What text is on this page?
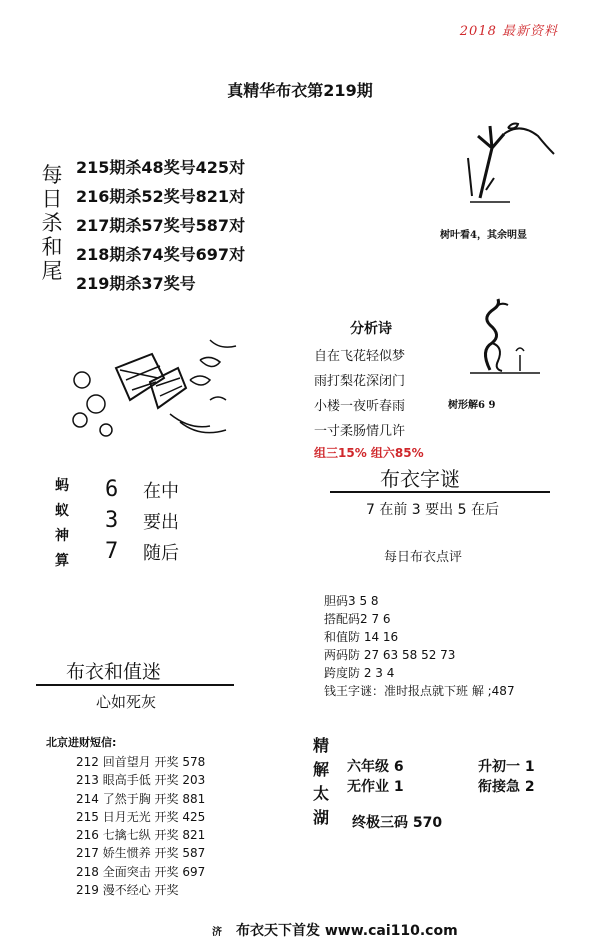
2018 最新资料
真精华布衣第219期
每
日
杀
和
尾
215期杀48奖号425对
216期杀52奖号821对
217期杀57奖号587对
218期杀74奖号697对
219期杀37奖号
树叶看4，其余明显
树形解6 9
分析诗
自在飞花轻似梦
雨打梨花深闭门
小楼一夜听春雨
一寸柔肠情几许
组三15% 组六85%
蚂
蚁
神
算
6
3
7
在中
要出
随后
布衣字谜
7 在前 3 要出 5 在后
每日布衣点评
胆码3 5 8
搭配码2 7 6
和值防 14 16
两码防 27 63 58 52 73
跨度防 2 3 4
钱王字谜：准时报点就下班 解 ;487
布衣和值迷
心如死灰
北京进财短信:
212 回首望月 开奖 578
213 眼高手低 开奖 203
214 了然于胸 开奖 881
215 日月无光 开奖 425
216 七擒七纵 开奖 821
217 娇生惯养 开奖 587
218 全面突击 开奖 697
219 漫不经心 开奖
精
解
太
湖
六年级 6	升初一 1
无作业 1	衔接急 2
终极三码 570
济 布衣天下首发 www.cai110.com
